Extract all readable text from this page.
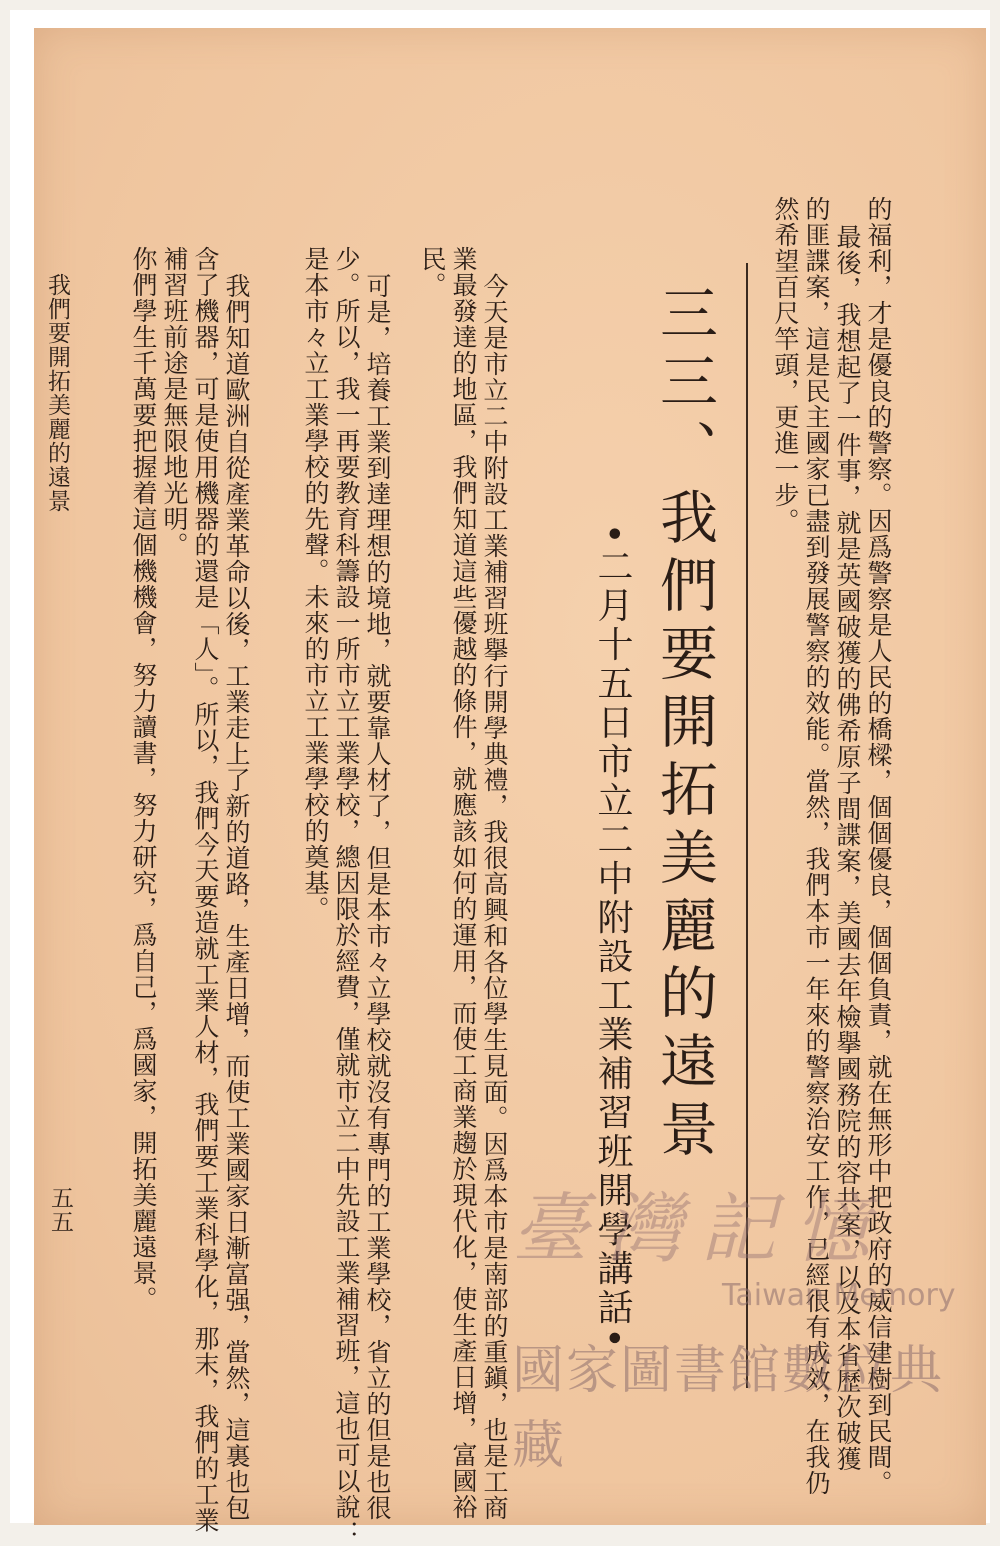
的福利，才是優良的警察。因爲警察是人民的橋樑，個個優良，個個負責，就在無形中把政府的威信建樹到民間。
最後，我想起了一件事，就是英國破獲的佛希原子間諜案，美國去年檢擧國務院的容共案，以及本省歷次破獲
的匪諜案，這是民主國家已盡到發展警察的效能。當然，我們本市一年來的警察治安工作，已經很有成效，在我仍
然希望百尺竿頭，更進一步。
三三、我們要開拓美麗的遠景
•二月十五日市立二中附設工業補習班開學講話•
今天是市立二中附設工業補習班擧行開學典禮，我很高興和各位學生見面。因爲本市是南部的重鎭，也是工商
業最發達的地區，我們知道這些優越的條件，就應該如何的運用，而使工商業趨於現代化，使生產日增，富國裕
民。
可是，培養工業到達理想的境地，就要靠人材了，但是本市々立學校就沒有專門的工業學校，省立的但是也很
少。所以，我一再要教育科籌設一所市立工業學校，總因限於經費，僅就市立二中先設工業補習班，這也可以說：
是本市々立工業學校的先聲。未來的市立工業學校的奠基。
我們知道歐洲自從產業革命以後，工業走上了新的道路，生產日增，而使工業國家日漸富强，當然，這裏也包
含了機器，可是使用機器的還是「人」。所以，我們今天要造就工業人材，我們要工業科學化，那末，我們的工業
補習班前途是無限地光明。
你們學生千萬要把握着這個機機會，努力讀書，努力研究，爲自己，爲國家，開拓美麗遠景。
我們要開拓美麗的遠景
五五	臺灣記憶
Taiwan Memory
國家圖書館數位典藏
